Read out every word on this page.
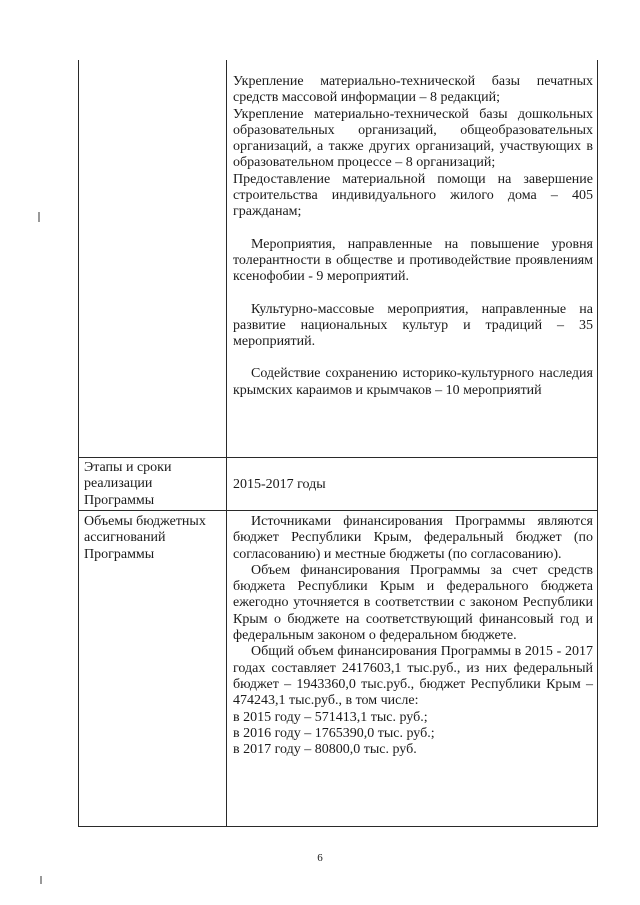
Укрепление материально-технической базы печатных средств массовой информации – 8 редакций;

Укрепление материально-технической базы дошкольных образовательных организаций, общеобразовательных организаций, а также других организаций, участвующих в образовательном процессе – 8 организаций;

Предоставление материальной помощи на завершение строительства индивидуального жилого дома – 405 гражданам;

Мероприятия, направленные на повышение уровня толерантности в обществе и противодействие проявлениям ксенофобии - 9 мероприятий.

Культурно-массовые мероприятия, направленные на развитие национальных культур и традиций – 35 мероприятий.

Содействие сохранению историко-культурного наследия крымских караимов и крымчаков – 10 мероприятий

Этапы и сроки реализации Программы
2015-2017 годы
Объемы бюджетных ассигнований Программы

Источниками финансирования Программы являются бюджет Республики Крым, федеральный бюджет (по согласованию) и местные бюджеты (по согласованию).

Объем финансирования Программы за счет средств бюджета Республики Крым и федерального бюджета ежегодно уточняется в соответствии с законом Республики Крым о бюджете на соответствующий финансовый год и федеральным законом о федеральном бюджете.

Общий объем финансирования Программы в 2015 - 2017 годах составляет 2417603,1 тыс.руб., из них федеральный бюджет – 1943360,0 тыс.руб., бюджет Республики Крым – 474243,1 тыс.руб., в том числе:

в 2015 году – 571413,1 тыс. руб.;

в 2016 году – 1765390,0 тыс. руб.;

в 2017 году – 80800,0 тыс. руб.

6
